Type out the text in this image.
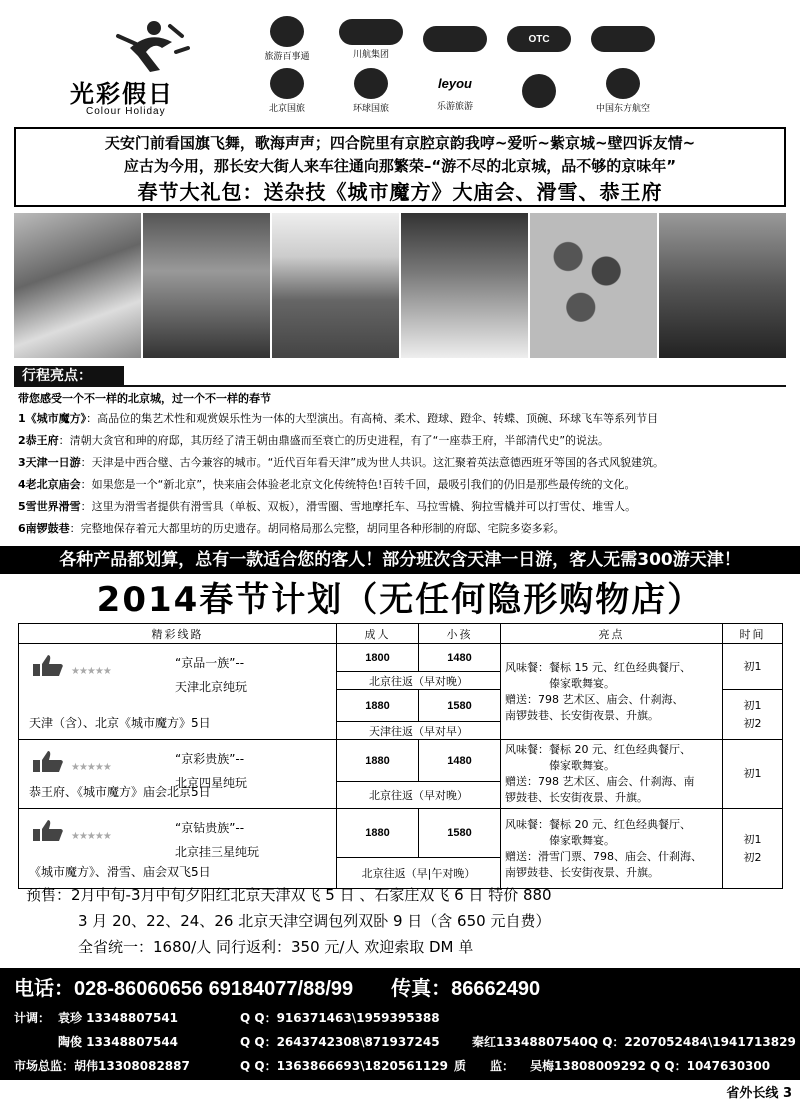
光彩假日
Colour Holiday
旅游百事通	川航集团
OTC
北京国旅	环球国旅
leyou
乐游旅游	中国东方航空

天安门前看国旗飞舞，歌海声声；四合院里有京腔京韵我哼~爱听~紫京城~壁四诉友情~

应古为今用，那长安大街人来车往通向那繁荣–“游不尽的北京城，品不够的京味年”

春节大礼包：送杂技《城市魔方》大庙会、滑雪、恭王府

行程亮点：
带您感受一个不一样的北京城，过一个不一样的春节
1《城市魔方》：高品位的集艺术性和观赏娱乐性为一体的大型演出。有高椅、柔术、蹬球、蹬伞、转蝶、顶碗、环球飞车等系列节目
2恭王府：清朝大贪官和珅的府邸，其历经了清王朝由鼎盛而至衰亡的历史进程，有了“一座恭王府，半部清代史”的说法。
3天津一日游：天津是中西合璧、古今兼容的城市。“近代百年看天津”成为世人共识。这汇聚着英法意德西班牙等国的各式风貌建筑。
4老北京庙会：如果您是一个“新北京”，快来庙会体验老北京文化传统特色!百转千回，最吸引我们的仍旧是那些最传统的文化。
5雪世界滑雪：这里为滑雪者提供有滑雪具（单板、双板），滑雪圈、雪地摩托车、马拉雪橇、狗拉雪橇并可以打雪仗、堆雪人。
6南锣鼓巷：完整地保存着元大都里坊的历史遗存。胡同格局那么完整，胡同里各种形制的府邸、宅院多姿多彩。
各种产品都划算，总有一款适合您的客人！部分班次含天津一日游，客人无需300游天津！
2014春节计划（无任何隐形购物店）
精彩线路	成人	小孩	亮点	时间

★★★★★
“京品一族”--
天津北京纯玩
天津（含）、北京《城市魔方》5日	1800	1480	风味餐：餐标 15 元、红色经典餐厅、
　　　　傣家歌舞宴。
赠送：798 艺术区、庙会、什刹海、
南锣鼓巷、长安街夜景、升旗。	初1
	北京往返（早对晚）			
	1880	1580		初1
初2
	天津往返（早对早）			

★★★★★
“京彩贵族”--
北京四星纯玩
恭王府、《城市魔方》庙会北京5日	1880	1480	风味餐：餐标 20 元、红色经典餐厅、
　　　　傣家歌舞宴。
赠送：798 艺术区、庙会、什刹海、南
锣鼓巷、长安街夜景、升旗。	初1
	北京往返（早对晚）			

★★★★★
“京钻贵族”--
北京挂三星纯玩
《城市魔方》、滑雪、庙会双飞5日	1880	1580	风味餐：餐标 20 元、红色经典餐厅、
　　　　傣家歌舞宴。
赠送：滑雪门票、798、庙会、什刹海、
南锣鼓巷、长安街夜景、升旗。	初1
初2
	北京往返（早|午对晚）			

预售：2月中旬-3月中旬夕阳红北京天津双飞 5 日 、石家庄双飞 6 日 特价 880

3 月 20、22、24、26 北京天津空调包列双卧 9 日（含 650 元自费）

全省统一：1680/人 同行返利：350 元/人 欢迎索取 DM 单

电话：028-86060656 69184077/88/99 传真：86662490
计调： 袁珍 13348807541	Q Q：916371463\1959395388
陶俊 13348807544	Q Q：2643742308\871937245	秦红13348807540Q Q：2207052484\1941713829
市场总监：胡伟13308082887	Q Q：1363866693\1820561129 质　　监： 吴梅13808009292 Q Q：1047630300
省外长线 3
